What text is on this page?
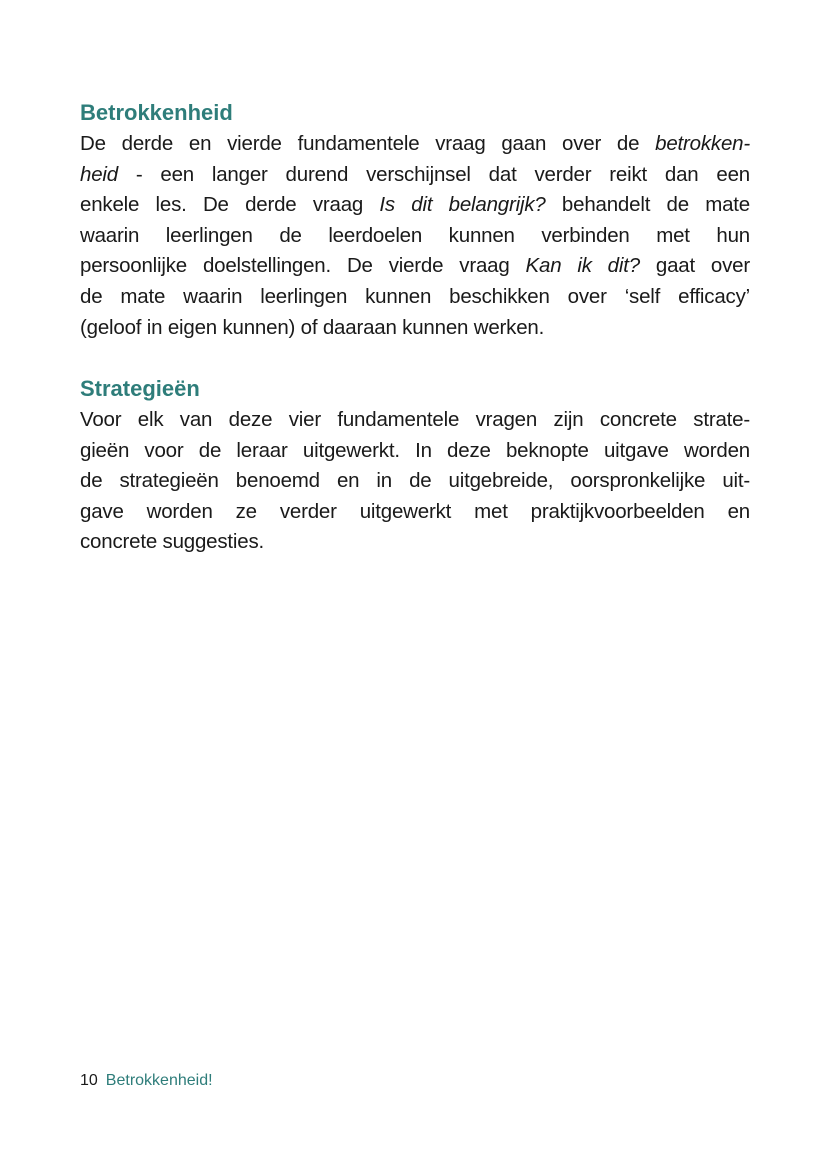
Betrokkenheid
De derde en vierde fundamentele vraag gaan over de betrokken-
heid - een langer durend verschijnsel dat verder reikt dan een
enkele les. De derde vraag Is dit belangrijk? behandelt de mate
waarin leerlingen de leerdoelen kunnen verbinden met hun
persoonlijke doelstellingen. De vierde vraag Kan ik dit? gaat over
de mate waarin leerlingen kunnen beschikken over ‘self efficacy’
(geloof in eigen kunnen) of daaraan kunnen werken.
Strategieën
Voor elk van deze vier fundamentele vragen zijn concrete strate-
gieën voor de leraar uitgewerkt. In deze beknopte uitgave worden
de strategieën benoemd en in de uitgebreide, oorspronkelijke uit-
gave worden ze verder uitgewerkt met praktijkvoorbeelden en
concrete suggesties.
10 Betrokkenheid!
